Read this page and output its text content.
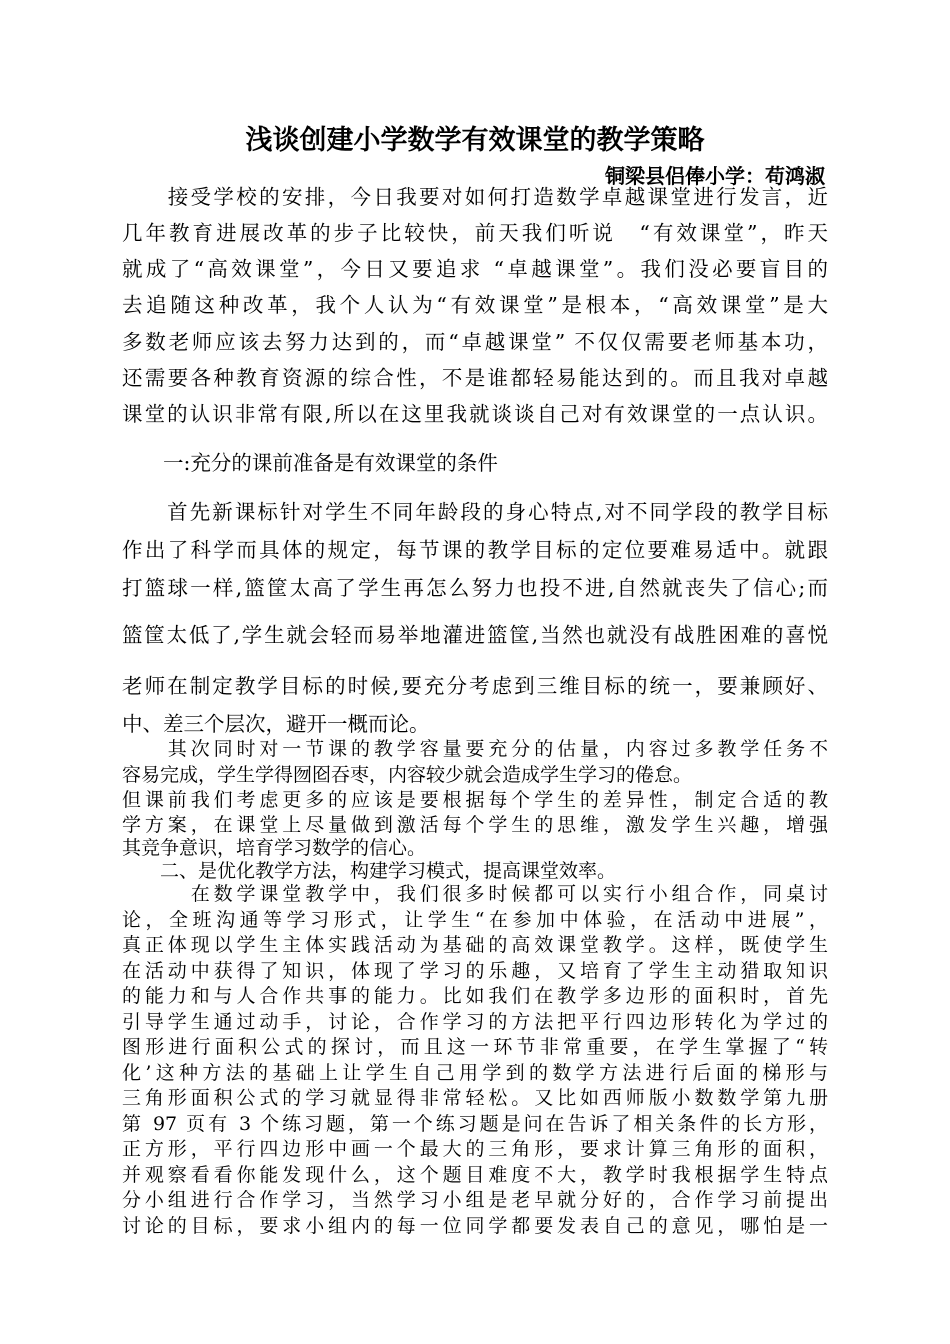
浅谈创建小学数学有效课堂的教学策略
铜梁县侣俸小学：苟鸿淑
　　接受学校的安排，今日我要对如何打造数学卓越课堂进行发言，近
几年教育进展改革的步子比较快，前天我们听说　“有效课堂”，昨天
就成了“高效课堂”，今日又要追求 “卓越课堂”。我们没必要盲目的
去追随这种改革，我个人认为“有效课堂”是根本，“高效课堂”是大
多数老师应该去努力达到的，而“卓越课堂” 不仅仅需要老师基本功，
还需要各种教育资源的综合性，不是谁都轻易能达到的。而且我对卓越
课堂的认识非常有限,所以在这里我就谈谈自己对有效课堂的一点认识。
　　一:充分的课前准备是有效课堂的条件
　　首先新课标针对学生不同年龄段的身心特点,对不同学段的教学目标
作出了科学而具体的规定，每节课的教学目标的定位要难易适中。就跟
打篮球一样,篮筐太高了学生再怎么努力也投不进,自然就丧失了信心;而
篮筐太低了,学生就会轻而易举地灌进篮筐,当然也就没有战胜困难的喜悦
老师在制定教学目标的时候,要充分考虑到三维目标的统一，要兼顾好、
中、差三个层次，避开一概而论。
　　其次同时对一节课的教学容量要充分的估量，内容过多教学任务不
容易完成，学生学得囫囵吞枣，内容较少就会造成学生学习的倦怠。
但课前我们考虑更多的应该是要根据每个学生的差异性，制定合适的教
学方案，在课堂上尽量做到激活每个学生的思维，激发学生兴趣，增强
其竞争意识，培育学习数学的信心。
　　二、是优化教学方法，构建学习模式，提高课堂效率。
　　　在数学课堂教学中，我们很多时候都可以实行小组合作，同桌讨
论，全班沟通等学习形式，让学生“在参加中体验，在活动中进展”，
真正体现以学生主体实践活动为基础的高效课堂教学。这样，既使学生
在活动中获得了知识，体现了学习的乐趣，又培育了学生主动猎取知识
的能力和与人合作共事的能力。比如我们在教学多边形的面积时，首先
引导学生通过动手，讨论，合作学习的方法把平行四边形转化为学过的
图形进行面积公式的探讨，而且这一环节非常重要，在学生掌握了“转
化’这种方法的基础上让学生自己用学到的数学方法进行后面的梯形与
三角形面积公式的学习就显得非常轻松。又比如西师版小数数学第九册
第 97 页有 3 个练习题，第一个练习题是问在告诉了相关条件的长方形，
正方形，平行四边形中画一个最大的三角形，要求计算三角形的面积，
并观察看看你能发现什么，这个题目难度不大，教学时我根据学生特点
分小组进行合作学习，当然学习小组是老早就分好的，合作学习前提出
讨论的目标，要求小组内的每一位同学都要发表自己的意见，哪怕是一
